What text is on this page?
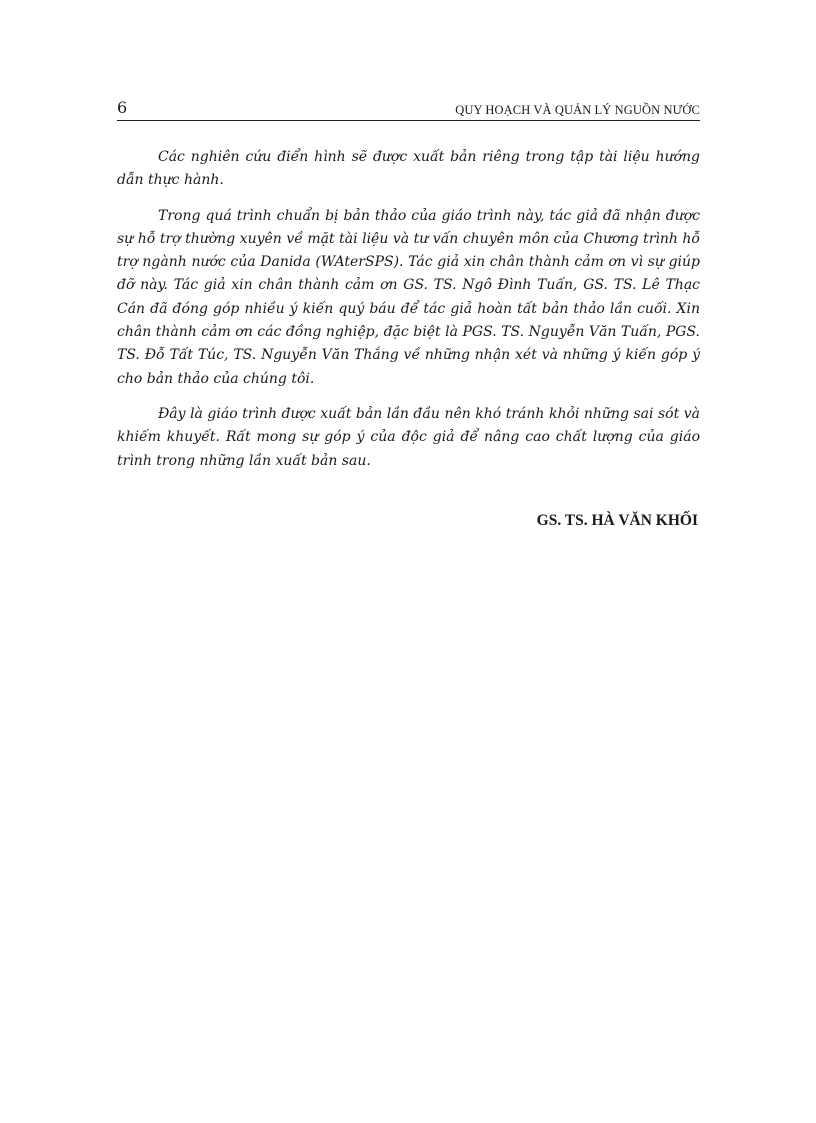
6	QUY HOẠCH VÀ QUẢN LÝ NGUỒN NƯỚC

Các nghiên cứu điển hình sẽ được xuất bản riêng trong tập tài liệu hướng dẫn thực hành.

Trong quá trình chuẩn bị bản thảo của giáo trình này, tác giả đã nhận được sự hỗ trợ thường xuyên về mặt tài liệu và tư vấn chuyên môn của Chương trình hỗ trợ ngành nước của Danida (WAterSPS). Tác giả xin chân thành cảm ơn vì sự giúp đỡ này. Tác giả xin chân thành cảm ơn GS. TS. Ngô Đình Tuấn, GS. TS. Lê Thạc Cán đã đóng góp nhiều ý kiến quý báu để tác giả hoàn tất bản thảo lần cuối. Xin chân thành cảm ơn các đồng nghiệp, đặc biệt là PGS. TS. Nguyễn Văn Tuấn, PGS. TS. Đỗ Tất Túc, TS. Nguyễn Văn Thắng về những nhận xét và những ý kiến góp ý cho bản thảo của chúng tôi.

Đây là giáo trình được xuất bản lần đầu nên khó tránh khỏi những sai sót và khiếm khuyết. Rất mong sự góp ý của độc giả để nâng cao chất lượng của giáo trình trong những lần xuất bản sau.

GS. TS. HÀ VĂN KHỐI
